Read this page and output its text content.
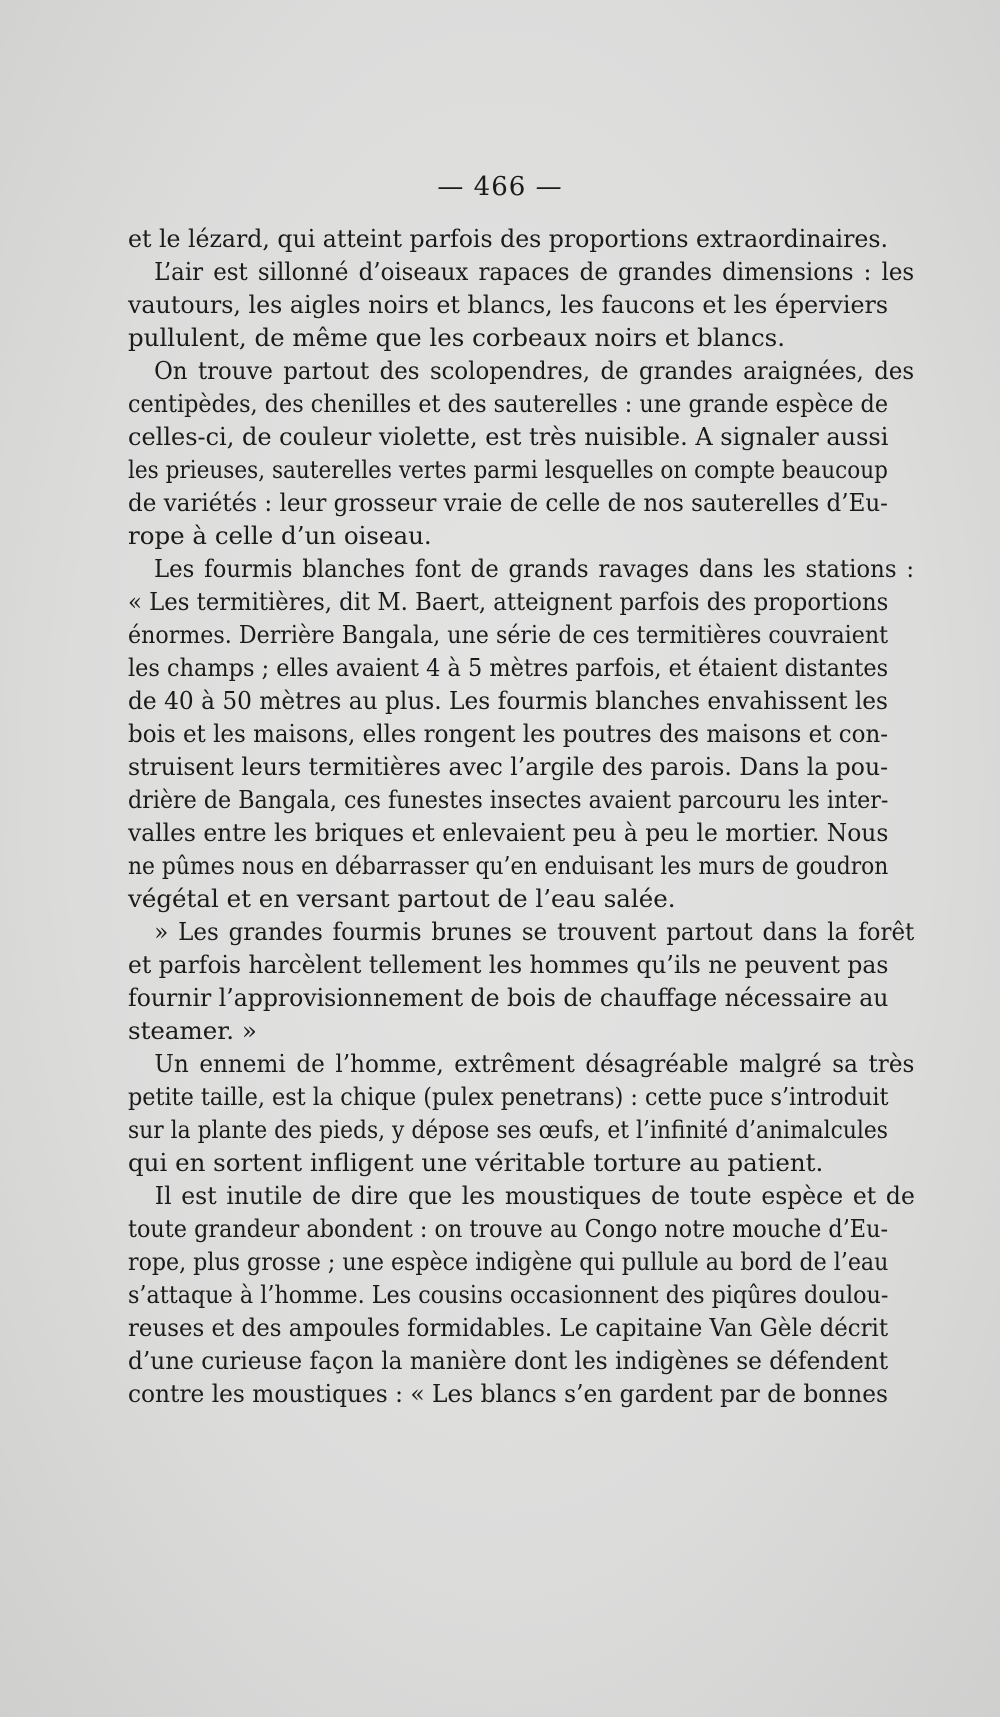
— 466 —
et le lézard, qui atteint parfois des proportions extraordinaires.
L’air est sillonné d’oiseaux rapaces de grandes dimensions : les
vautours, les aigles noirs et blancs, les faucons et les éperviers
pullulent, de même que les corbeaux noirs et blancs.
On trouve partout des scolopendres, de grandes araignées, des
centipèdes, des chenilles et des sauterelles : une grande espèce de
celles-ci, de couleur violette, est très nuisible. A signaler aussi
les prieuses, sauterelles vertes parmi lesquelles on compte beaucoup
de variétés : leur grosseur vraie de celle de nos sauterelles d’Eu-
rope à celle d’un oiseau.
Les fourmis blanches font de grands ravages dans les stations :
« Les termitières, dit M. Baert, atteignent parfois des proportions
énormes. Derrière Bangala, une série de ces termitières couvraient
les champs ; elles avaient 4 à 5 mètres parfois, et étaient distantes
de 40 à 50 mètres au plus. Les fourmis blanches envahissent les
bois et les maisons, elles rongent les poutres des maisons et con-
struisent leurs termitières avec l’argile des parois. Dans la pou-
drière de Bangala, ces funestes insectes avaient parcouru les inter-
valles entre les briques et enlevaient peu à peu le mortier. Nous
ne pûmes nous en débarrasser qu’en enduisant les murs de goudron
végétal et en versant partout de l’eau salée.
» Les grandes fourmis brunes se trouvent partout dans la forêt
et parfois harcèlent tellement les hommes qu’ils ne peuvent pas
fournir l’approvisionnement de bois de chauffage nécessaire au
steamer. »
Un ennemi de l’homme, extrêment désagréable malgré sa très
petite taille, est la chique (pulex penetrans) : cette puce s’introduit
sur la plante des pieds, y dépose ses œufs, et l’infinité d’animalcules
qui en sortent infligent une véritable torture au patient.
Il est inutile de dire que les moustiques de toute espèce et de
toute grandeur abondent : on trouve au Congo notre mouche d’Eu-
rope, plus grosse ; une espèce indigène qui pullule au bord de l’eau
s’attaque à l’homme. Les cousins occasionnent des piqûres doulou-
reuses et des ampoules formidables. Le capitaine Van Gèle décrit
d’une curieuse façon la manière dont les indigènes se défendent
contre les moustiques : « Les blancs s’en gardent par de bonnes
